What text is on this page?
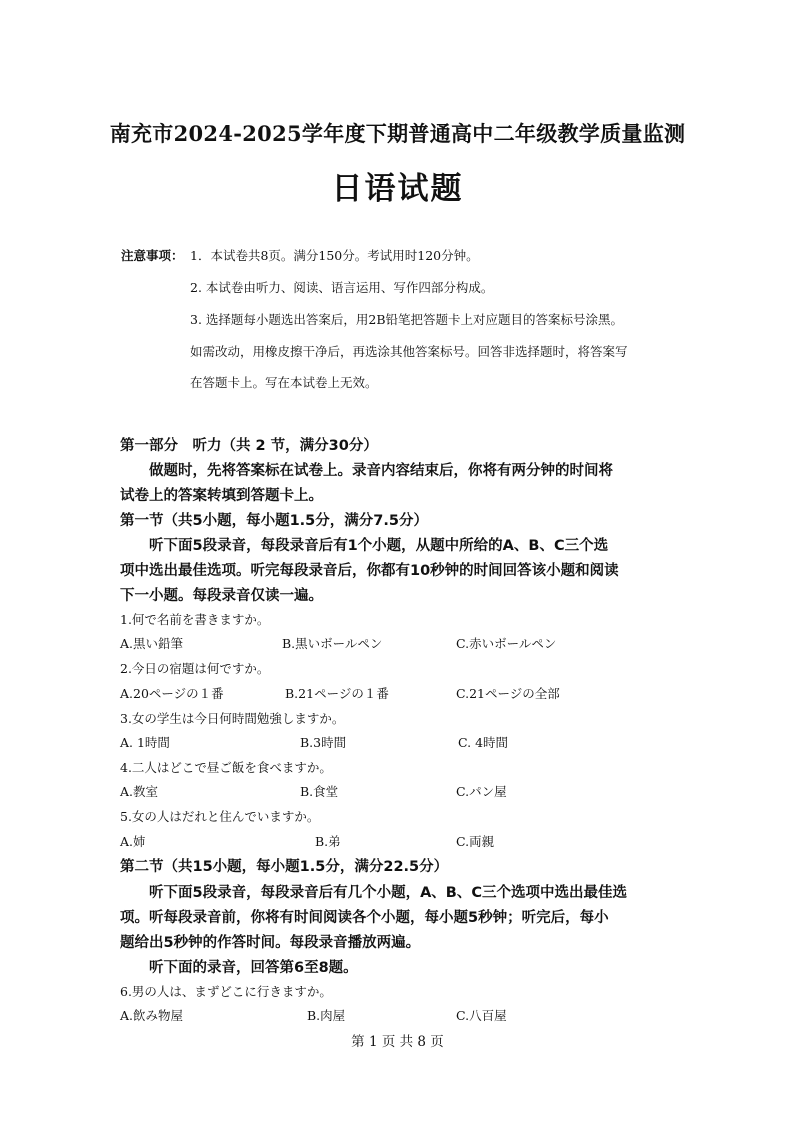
南充市2024-2025学年度下期普通高中二年级教学质量监测
日语试题
注意事项： 1．本试卷共8页。满分150分。考试用时120分钟。
2. 本试卷由听力、阅读、语言运用、写作四部分构成。
3. 选择题每小题选出答案后，用2B铅笔把答题卡上对应题目的答案标号涂黑。
如需改动，用橡皮擦干净后，再选涂其他答案标号。回答非选择题时，将答案写
在答题卡上。写在本试卷上无效。
第一部分　听力（共 2 节，满分30分）
做题时，先将答案标在试卷上。录音内容结束后，你将有两分钟的时间将
试卷上的答案转填到答题卡上。
第一节（共5小题，每小题1.5分，满分7.5分）
听下面5段录音，每段录音后有1个小题，从题中所给的A、B、C三个选
项中选出最佳选项。听完每段录音后，你都有10秒钟的时间回答该小题和阅读
下一小题。每段录音仅读一遍。
1.何で名前を書きますか。
A.黒い鉛筆	B.黒いボールペン	C.赤いボールペン
2.今日の宿題は何ですか。
A.20ページの１番	B.21ページの１番	C.21ページの全部
3.女の学生は今日何時間勉強しますか。
A. 1時間	B.3時間	C. 4時間
4.二人はどこで昼ご飯を食べますか。
A.教室	B.食堂	C.パン屋
5.女の人はだれと住んでいますか。
A.姉	B.弟	C.両親
第二节（共15小题，每小题1.5分，满分22.5分）
听下面5段录音，每段录音后有几个小题，A、B、C三个选项中选出最佳选
项。听每段录音前，你将有时间阅读各个小题，每小题5秒钟；听完后，每小
题给出5秒钟的作答时间。每段录音播放两遍。
听下面的录音，回答第6至8题。
6.男の人は、まずどこに行きますか。
A.飲み物屋	B.肉屋	C.八百屋
第 1 页 共 8 页
